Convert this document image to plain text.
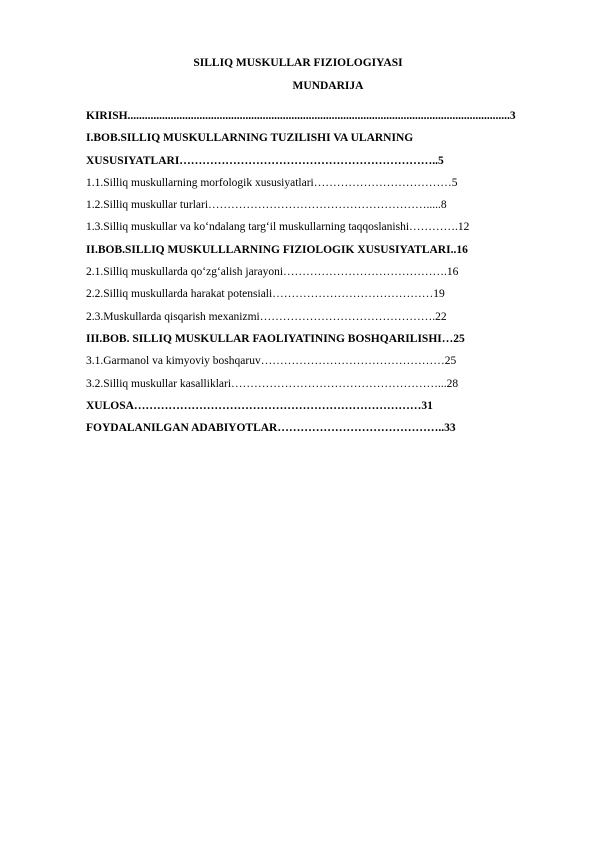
SILLIQ MUSKULLAR FIZIOLOGIYASI
MUNDARIJA
KIRISH.....................................................................................................................................3
I.BOB.SILLIQ MUSKULLARNING TUZILISHI VA ULARNING
XUSUSIYATLARI…………………………………………………………..5
1.1.Silliq muskullarning morfologik xususiyatlari………………………………5
1.2.Silliq muskullar turlari………………………………………………….....8
1.3.Silliq muskullar va ko‘ndalang targ‘il muskullarning taqqoslanishi………….12
II.BOB.SILLIQ MUSKULLLARNING FIZIOLOGIK XUSUSIYATLARI..16
2.1.Silliq muskullarda qo‘zg‘alish jarayoni…………………………………….16
2.2.Silliq muskullarda harakat potensiali……………………………………19
2.3.Muskullarda qisqarish mexanizmi……………………………………….22
III.BOB. SILLIQ MUSKULLAR FAOLIYATINING BOSHQARILISHI…25
3.1.Garmanol va kimyoviy boshqaruv…………………………………………25
3.2.Silliq muskullar kasalliklari………………………………………………...28
XULOSA…………………………………………………………………31
FOYDALANILGAN ADABIYOTLAR……………………………………..33
